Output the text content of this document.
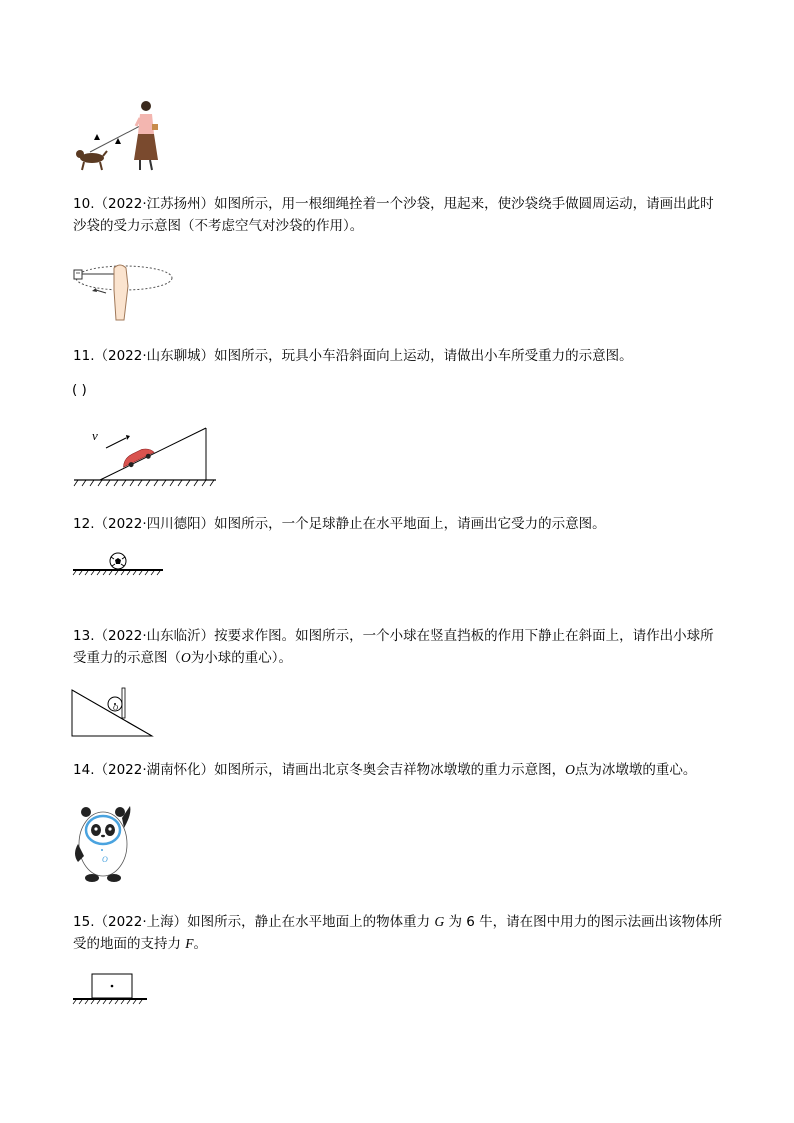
10.（2022·江苏扬州）如图所示，用一根细绳拴着一个沙袋，甩起来，使沙袋绕手做圆周运动，请画出此时沙袋的受力示意图（不考虑空气对沙袋的作用）。
11.（2022·山东聊城）如图所示，玩具小车沿斜面向上运动，请做出小车所受重力的示意图。
( )
v
12.（2022·四川德阳）如图所示，一个足球静止在水平地面上，请画出它受力的示意图。
13.（2022·山东临沂）按要求作图。如图所示，一个小球在竖直挡板的作用下静止在斜面上，请作出小球所受重力的示意图（O为小球的重心）。
O
14.（2022·湖南怀化）如图所示，请画出北京冬奥会吉祥物冰墩墩的重力示意图，O点为冰墩墩的重心。
O
15.（2022·上海）如图所示，静止在水平地面上的物体重力 G 为 6 牛，请在图中用力的图示法画出该物体所受的地面的支持力 F。
